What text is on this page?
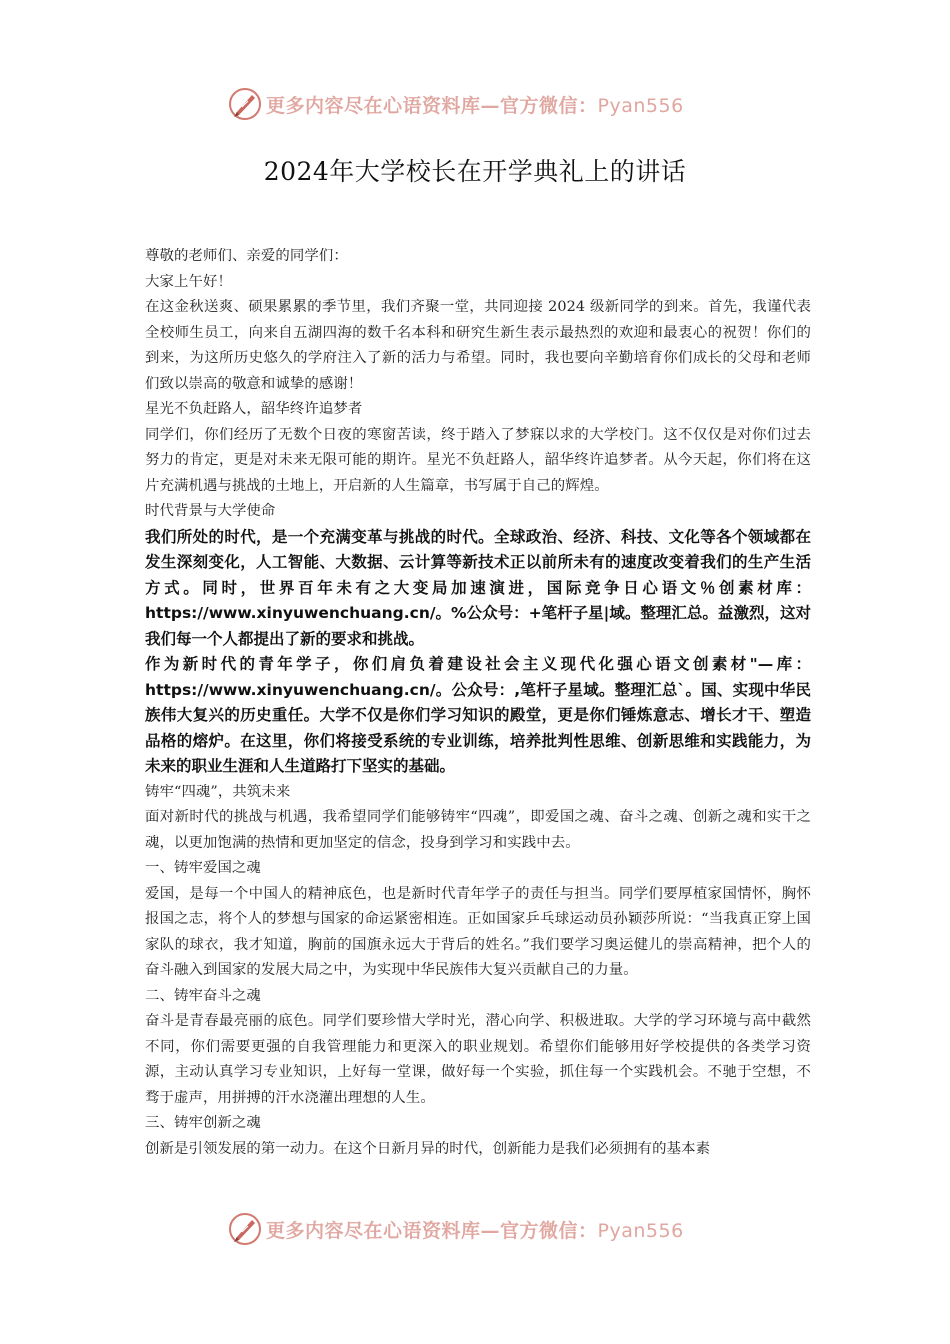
更多内容尽在心语资料库—官方微信：Pyan556
2024年大学校长在开学典礼上的讲话

尊敬的老师们、亲爱的同学们：

大家上午好！

在这金秋送爽、硕果累累的季节里，我们齐聚一堂，共同迎接 2024 级新同学的到来。首先，我谨代表全校师生员工，向来自五湖四海的数千名本科和研究生新生表示最热烈的欢迎和最衷心的祝贺！你们的到来，为这所历史悠久的学府注入了新的活力与希望。同时，我也要向辛勤培育你们成长的父母和老师们致以崇高的敬意和诚挚的感谢！

星光不负赶路人，韶华终许追梦者

同学们，你们经历了无数个日夜的寒窗苦读，终于踏入了梦寐以求的大学校门。这不仅仅是对你们过去努力的肯定，更是对未来无限可能的期许。星光不负赶路人，韶华终许追梦者。从今天起，你们将在这片充满机遇与挑战的土地上，开启新的人生篇章，书写属于自己的辉煌。

时代背景与大学使命

我们所处的时代，是一个充满变革与挑战的时代。全球政治、经济、科技、文化等各个领域都在发生深刻变化，人工智能、大数据、云计算等新技术正以前所未有的速度改变着我们的生产生活方式。同时，世界百年未有之大变局加速演进，国际竞争日心语文％创素材库：https://www.xinyuwenchuang.cn/。%公众号：+笔杆子星|域。整理汇总。益激烈，这对我们每一个人都提出了新的要求和挑战。

作为新时代的青年学子，你们肩负着建设社会主义现代化强心语文创素材"—库：https://www.xinyuwenchuang.cn/。公众号：,笔杆子星域。整理汇总`。国、实现中华民族伟大复兴的历史重任。大学不仅是你们学习知识的殿堂，更是你们锤炼意志、增长才干、塑造品格的熔炉。在这里，你们将接受系统的专业训练，培养批判性思维、创新思维和实践能力，为未来的职业生涯和人生道路打下坚实的基础。

铸牢“四魂”，共筑未来

面对新时代的挑战与机遇，我希望同学们能够铸牢“四魂”，即爱国之魂、奋斗之魂、创新之魂和实干之魂，以更加饱满的热情和更加坚定的信念，投身到学习和实践中去。

一、铸牢爱国之魂

爱国，是每一个中国人的精神底色，也是新时代青年学子的责任与担当。同学们要厚植家国情怀，胸怀报国之志，将个人的梦想与国家的命运紧密相连。正如国家乒乓球运动员孙颖莎所说：“当我真正穿上国家队的球衣，我才知道，胸前的国旗永远大于背后的姓名。”我们要学习奥运健儿的崇高精神，把个人的奋斗融入到国家的发展大局之中，为实现中华民族伟大复兴贡献自己的力量。

二、铸牢奋斗之魂

奋斗是青春最亮丽的底色。同学们要珍惜大学时光，潜心向学、积极进取。大学的学习环境与高中截然不同，你们需要更强的自我管理能力和更深入的职业规划。希望你们能够用好学校提供的各类学习资源，主动认真学习专业知识，上好每一堂课，做好每一个实验，抓住每一个实践机会。不驰于空想，不骛于虚声，用拼搏的汗水浇灌出理想的人生。

三、铸牢创新之魂

创新是引领发展的第一动力。在这个日新月异的时代，创新能力是我们必须拥有的基本素

更多内容尽在心语资料库—官方微信：Pyan556
